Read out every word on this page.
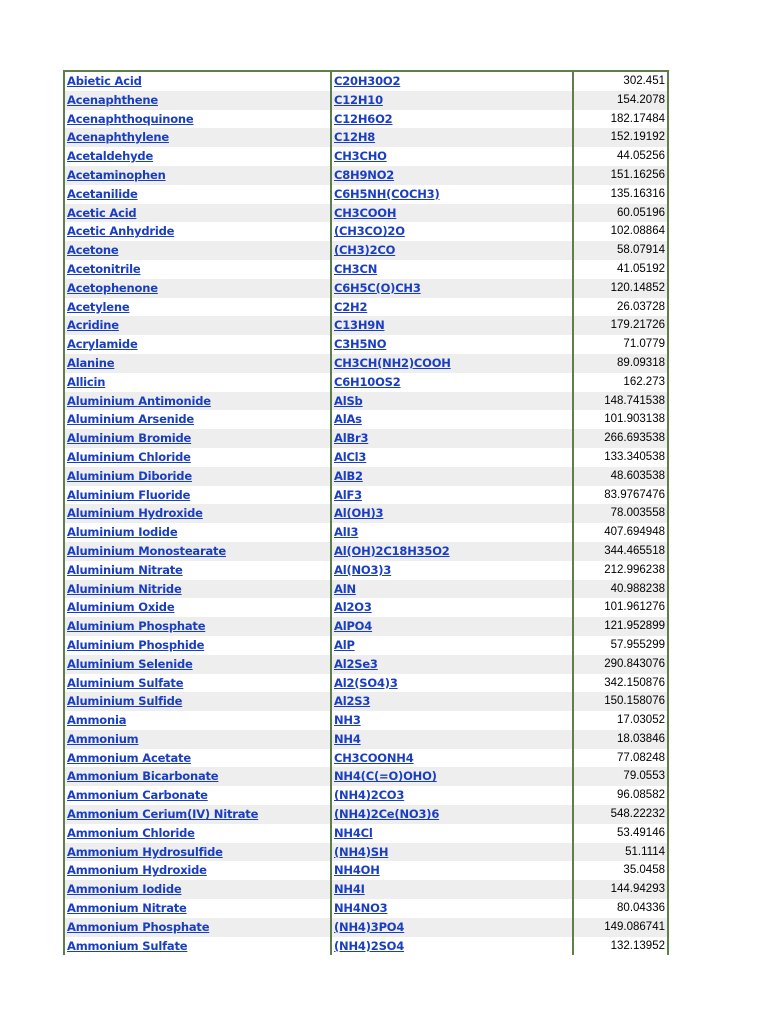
Abietic Acid	C20H30O2	302.451
Acenaphthene	C12H10	154.2078
Acenaphthoquinone	C12H6O2	182.17484
Acenaphthylene	C12H8	152.19192
Acetaldehyde	CH3CHO	44.05256
Acetaminophen	C8H9NO2	151.16256
Acetanilide	C6H5NH(COCH3)	135.16316
Acetic Acid	CH3COOH	60.05196
Acetic Anhydride	(CH3CO)2O	102.08864
Acetone	(CH3)2CO	58.07914
Acetonitrile	CH3CN	41.05192
Acetophenone	C6H5C(O)CH3	120.14852
Acetylene	C2H2	26.03728
Acridine	C13H9N	179.21726
Acrylamide	C3H5NO	71.0779
Alanine	CH3CH(NH2)COOH	89.09318
Allicin	C6H10OS2	162.273
Aluminium Antimonide	AlSb	148.741538
Aluminium Arsenide	AlAs	101.903138
Aluminium Bromide	AlBr3	266.693538
Aluminium Chloride	AlCl3	133.340538
Aluminium Diboride	AlB2	48.603538
Aluminium Fluoride	AlF3	83.9767476
Aluminium Hydroxide	Al(OH)3	78.003558
Aluminium Iodide	AlI3	407.694948
Aluminium Monostearate	Al(OH)2C18H35O2	344.465518
Aluminium Nitrate	Al(NO3)3	212.996238
Aluminium Nitride	AlN	40.988238
Aluminium Oxide	Al2O3	101.961276
Aluminium Phosphate	AlPO4	121.952899
Aluminium Phosphide	AlP	57.955299
Aluminium Selenide	Al2Se3	290.843076
Aluminium Sulfate	Al2(SO4)3	342.150876
Aluminium Sulfide	Al2S3	150.158076
Ammonia	NH3	17.03052
Ammonium	NH4	18.03846
Ammonium Acetate	CH3COONH4	77.08248
Ammonium Bicarbonate	NH4(C(=O)OHO)	79.0553
Ammonium Carbonate	(NH4)2CO3	96.08582
Ammonium Cerium(IV) Nitrate	(NH4)2Ce(NO3)6	548.22232
Ammonium Chloride	NH4Cl	53.49146
Ammonium Hydrosulfide	(NH4)SH	51.1114
Ammonium Hydroxide	NH4OH	35.0458
Ammonium Iodide	NH4I	144.94293
Ammonium Nitrate	NH4NO3	80.04336
Ammonium Phosphate	(NH4)3PO4	149.086741
Ammonium Sulfate	(NH4)2SO4	132.13952
